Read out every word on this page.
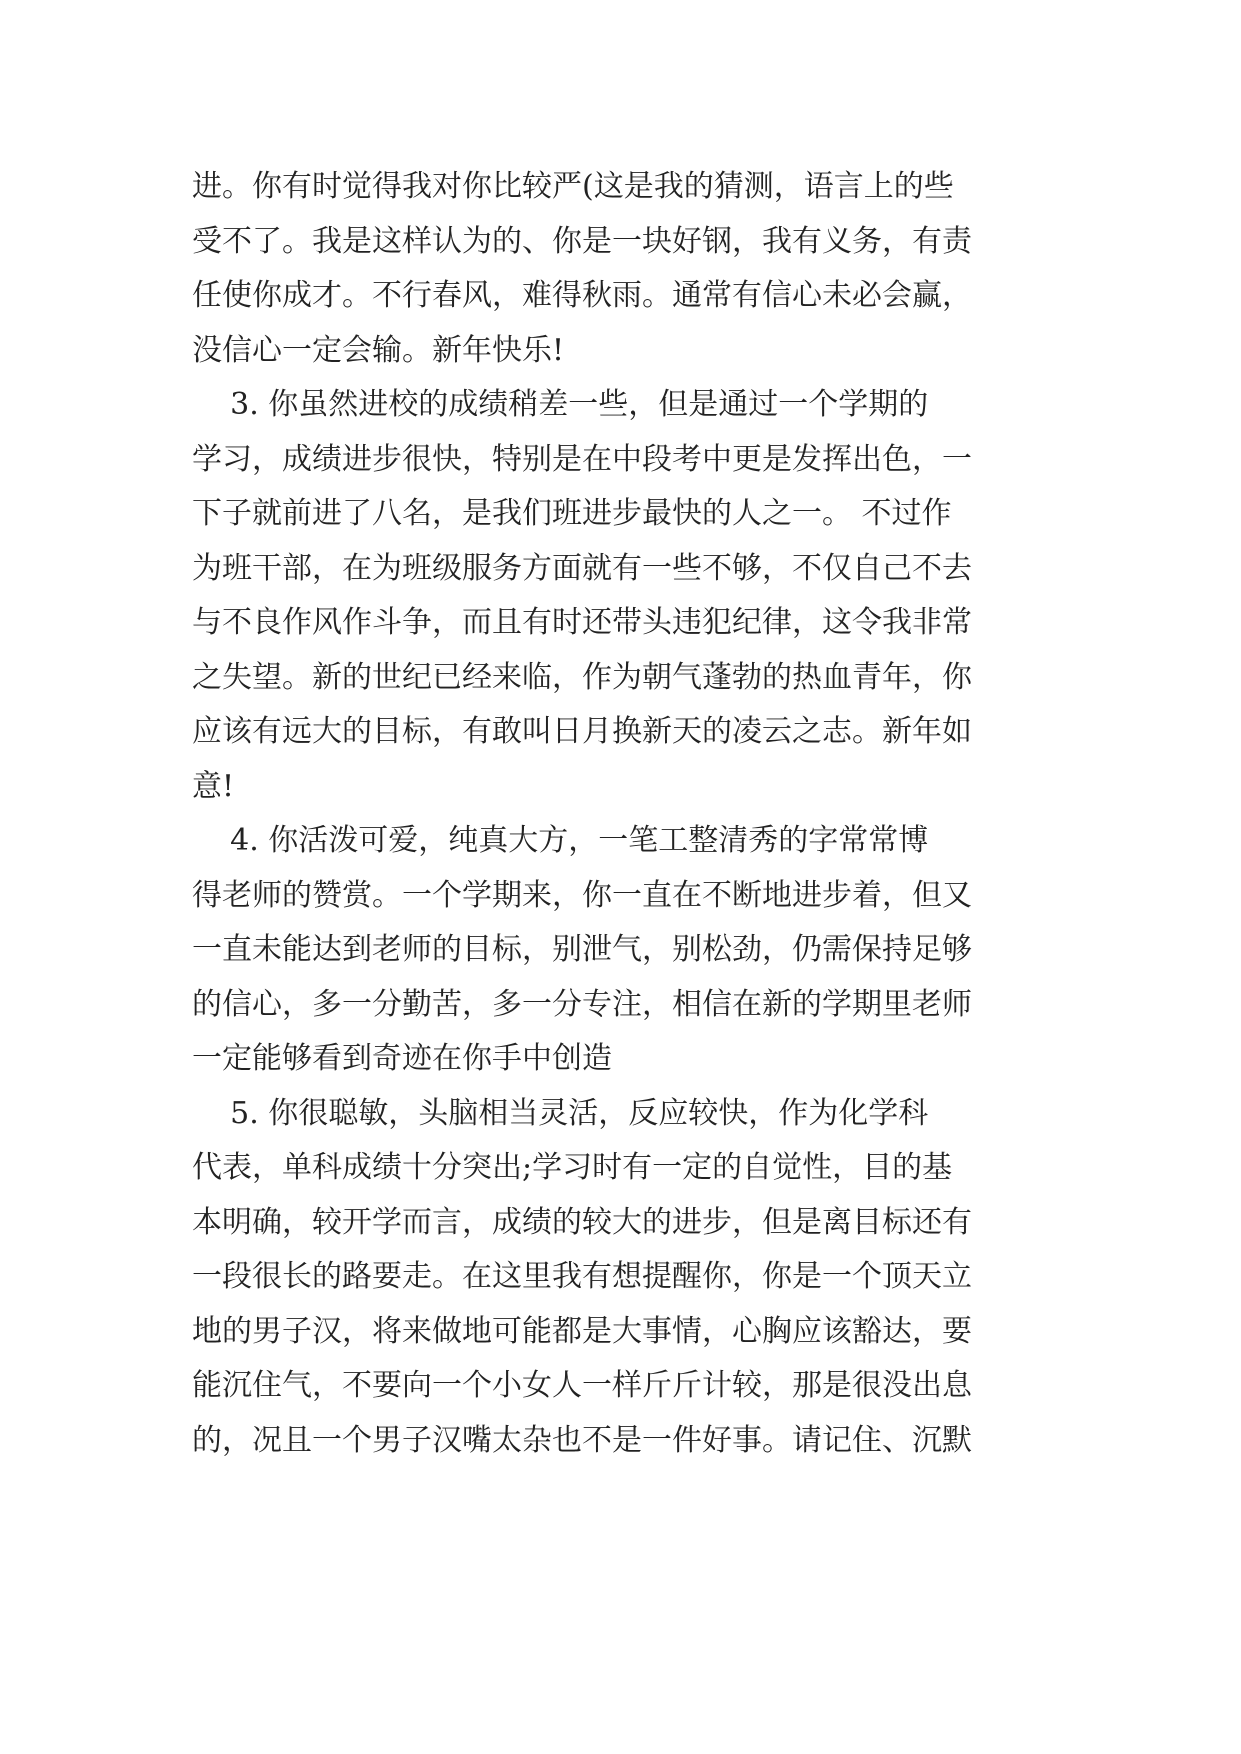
进。你有时觉得我对你比较严(这是我的猜测，语言上的些
受不了。我是这样认为的、你是一块好钢，我有义务，有责
任使你成才。不行春风，难得秋雨。通常有信心未必会赢，
没信心一定会输。新年快乐!
3. 你虽然进校的成绩稍差一些，但是通过一个学期的
学习，成绩进步很快，特别是在中段考中更是发挥出色，一
下子就前进了八名，是我们班进步最快的人之一。 不过作
为班干部，在为班级服务方面就有一些不够，不仅自己不去
与不良作风作斗争，而且有时还带头违犯纪律，这令我非常
之失望。新的世纪已经来临，作为朝气蓬勃的热血青年，你
应该有远大的目标，有敢叫日月换新天的凌云之志。新年如
意!
4. 你活泼可爱，纯真大方，一笔工整清秀的字常常博
得老师的赞赏。一个学期来，你一直在不断地进步着，但又
一直未能达到老师的目标，别泄气，别松劲，仍需保持足够
的信心，多一分勤苦，多一分专注，相信在新的学期里老师
一定能够看到奇迹在你手中创造
5. 你很聪敏，头脑相当灵活，反应较快，作为化学科
代表，单科成绩十分突出;学习时有一定的自觉性，目的基
本明确，较开学而言，成绩的较大的进步，但是离目标还有
一段很长的路要走。在这里我有想提醒你，你是一个顶天立
地的男子汉，将来做地可能都是大事情，心胸应该豁达，要
能沉住气，不要向一个小女人一样斤斤计较，那是很没出息
的，况且一个男子汉嘴太杂也不是一件好事。请记住、沉默
